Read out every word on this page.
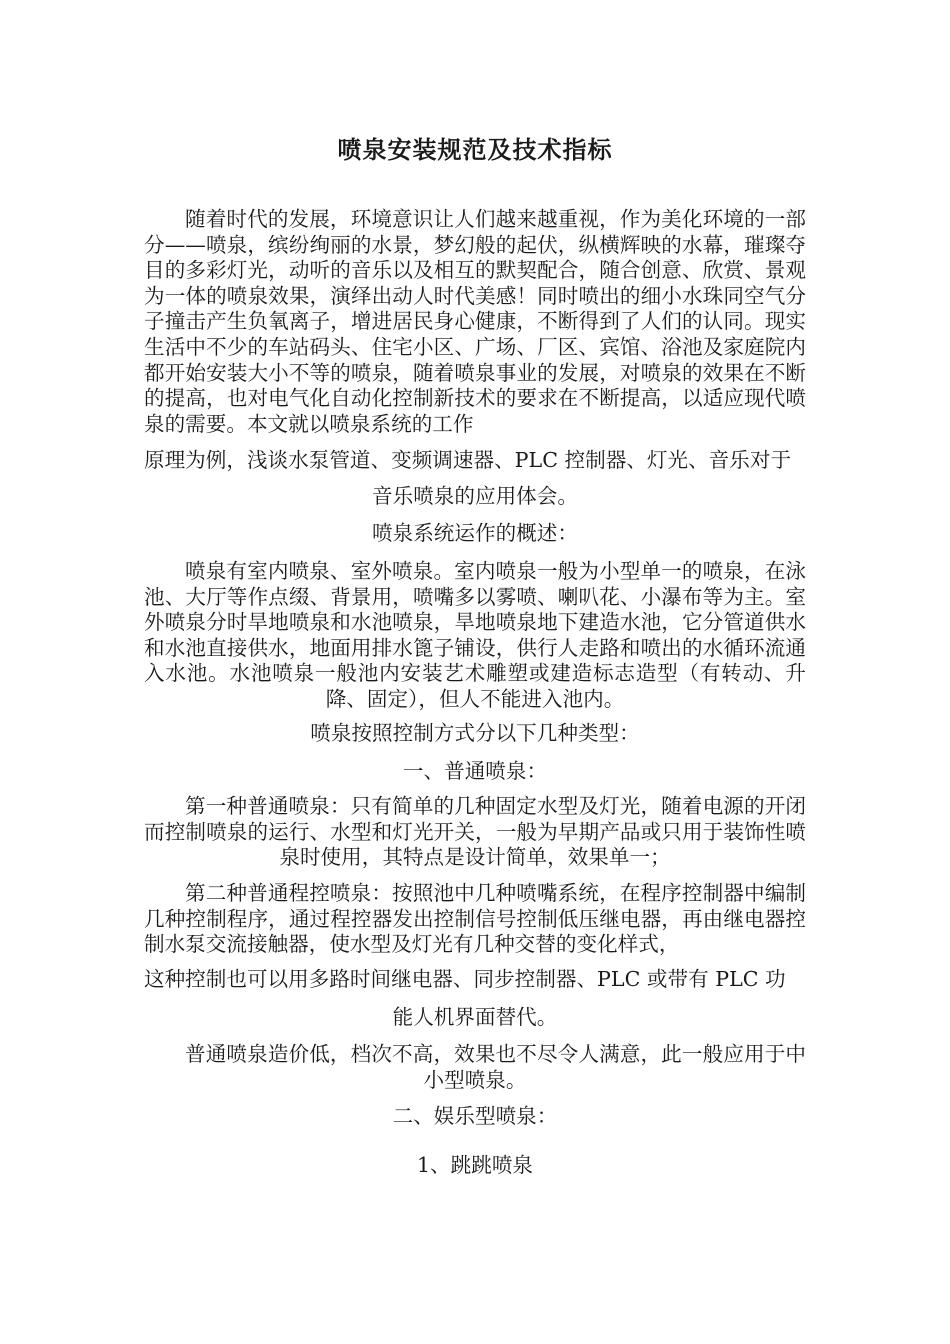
喷泉安装规范及技术指标
随着时代的发展，环境意识让人们越来越重视，作为美化环境的一部分——喷泉，缤纷绚丽的水景，梦幻般的起伏，纵横辉映的水幕，璀璨夺目的多彩灯光，动听的音乐以及相互的默契配合，随合创意、欣赏、景观为一体的喷泉效果，演绎出动人时代美感！同时喷出的细小水珠同空气分子撞击产生负氧离子，增进居民身心健康，不断得到了人们的认同。现实生活中不少的车站码头、住宅小区、广场、厂区、宾馆、浴池及家庭院内都开始安装大小不等的喷泉，随着喷泉事业的发展，对喷泉的效果在不断的提高，也对电气化自动化控制新技术的要求在不断提高，以适应现代喷泉的需要。本文就以喷泉系统的工作
原理为例，浅谈水泵管道、变频调速器、PLC 控制器、灯光、音乐对于
音乐喷泉的应用体会。
喷泉系统运作的概述：
喷泉有室内喷泉、室外喷泉。室内喷泉一般为小型单一的喷泉，在泳池、大厅等作点缀、背景用，喷嘴多以雾喷、喇叭花、小瀑布等为主。室外喷泉分时旱地喷泉和水池喷泉，旱地喷泉地下建造水池，它分管道供水和水池直接供水，地面用排水篦子铺设，供行人走路和喷出的水循环流通入水池。水池喷泉一般池内安装艺术雕塑或建造标志造型（有转动、升降、固定），但人不能进入池内。
喷泉按照控制方式分以下几种类型：
一、普通喷泉：
第一种普通喷泉：只有简单的几种固定水型及灯光，随着电源的开闭而控制喷泉的运行、水型和灯光开关，一般为早期产品或只用于装饰性喷泉时使用，其特点是设计简单，效果单一；
第二种普通程控喷泉：按照池中几种喷嘴系统，在程序控制器中编制几种控制程序，通过程控器发出控制信号控制低压继电器，再由继电器控制水泵交流接触器，使水型及灯光有几种交替的变化样式，
这种控制也可以用多路时间继电器、同步控制器、PLC 或带有 PLC 功
能人机界面替代。
普通喷泉造价低，档次不高，效果也不尽令人满意，此一般应用于中小型喷泉。
二、娱乐型喷泉：
1、跳跳喷泉
